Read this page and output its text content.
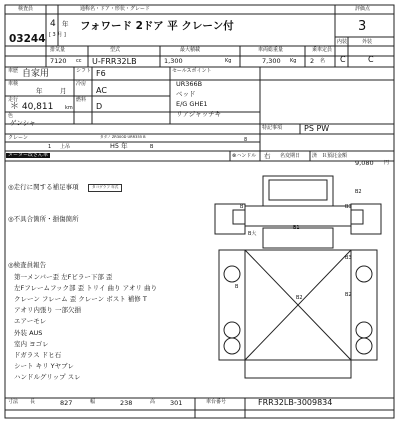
検査員	通称名・ドア・形状・グレード	評価点
03244
4 年
[ 3 月 ]
フォワード 2ドア 平 クレーン付	3
内装	外装
C	C
排気量
7120 cc
型式
U-FRR32LB
最大積載
1,300	Kg
車両総重量
7,300 Kg
乗車定員
2 名
車歴 自家用	シフト F6	セールスポイント
UR366B
ベッド
E/G GHE1
リアジャッチキ
車検
年	月
冷房
AC
走行
＊ 40,811 km
燃料
D
色
ゲンシャ
特記事項	PS PW
クレーン	タダノ ZR300D URR355 B
1 上吊	H5 年	B
8
メーター改ざん車	⊗ハンドル 右 名変期日 済 Ｒ預託金額
9,080 円
◎走行に関する補足事項	タコグラフ 年式
◎不具合箇所・損傷箇所
◎検査員報告
第一メンバー歪 左Fビラー下部 歪
左Fフレームフック部 歪 トリイ 曲り アオリ 曲り
クレーン フレーム 歪 クレーン ボスト 補修 T
アオリ内張り 一部欠損
エアーモレ
外装 AUS
室内 ヨゴレ
ドガラス ドヒ石
シート キリ Yヤブレ
ハンドルグリップ スレ
B1
B2
B3
B大
B3
B2
B
B
B2
寸法 長	827	幅	238	高 301	車台番号	FRR32LB-3009834
